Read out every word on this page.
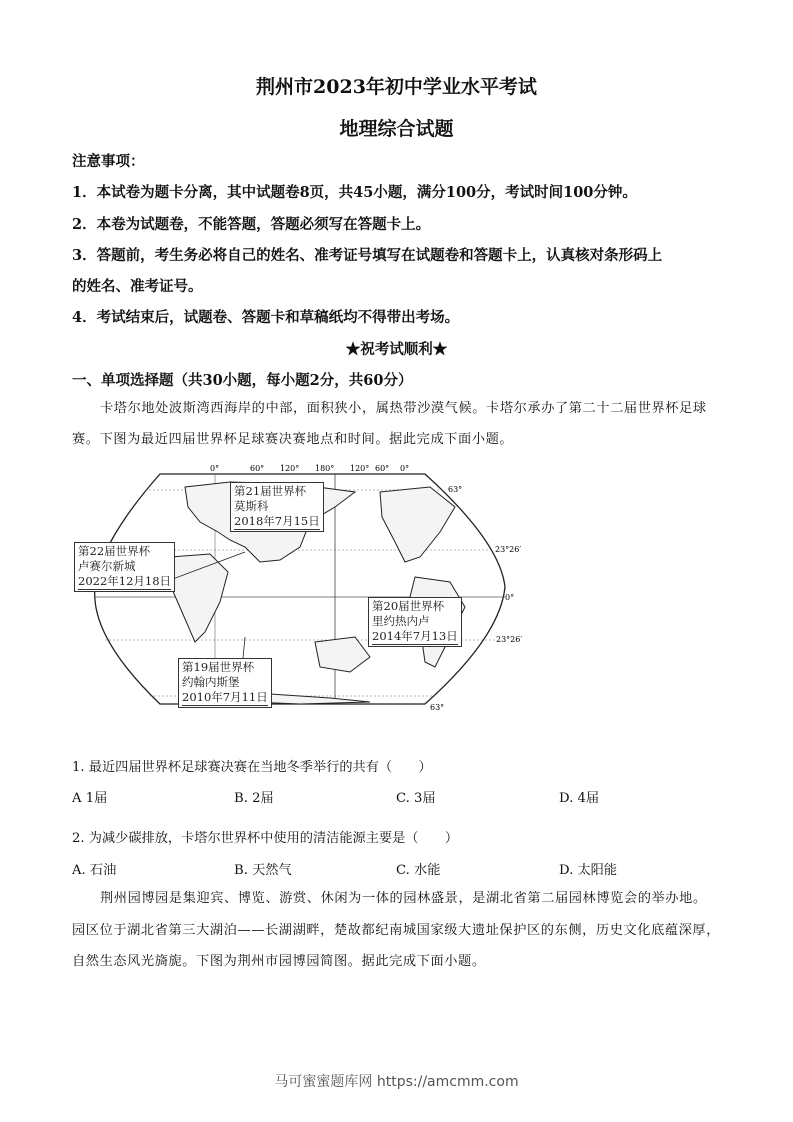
荆州市2023年初中学业水平考试
地理综合试题
注意事项：
1．本试卷为题卡分离，其中试题卷8页，共45小题，满分100分，考试时间100分钟。
2．本卷为试题卷，不能答题，答题必须写在答题卡上。
3．答题前，考生务必将自己的姓名、准考证号填写在试题卷和答题卡上，认真核对条形码上
的姓名、准考证号。
4．考试结束后，试题卷、答题卡和草稿纸均不得带出考场。
★祝考试顺利★
一、单项选择题（共30小题，每小题2分，共60分）
卡塔尔地处波斯湾西海岸的中部，面积狭小，属热带沙漠气候。卡塔尔承办了第二十二届世界杯足球
赛。下图为最近四届世界杯足球赛决赛地点和时间。据此完成下面小题。
0°	60° 120° 180° 120° 60° 0°
63°
23°26′
0°
23°26′
63°
第21届世界杯
莫斯科
2018年7月15日
第22届世界杯
卢赛尔新城
2022年12月18日
第20届世界杯
里约热内卢
2014年7月13日
第19届世界杯
约翰内斯堡
2010年7月11日
1. 最近四届世界杯足球赛决赛在当地冬季举行的共有（　　）
A 1届	B. 2届	C. 3届	D. 4届
2. 为减少碳排放，卡塔尔世界杯中使用的清洁能源主要是（　　）
A. 石油	B. 天然气	C. 水能	D. 太阳能
荆州园博园是集迎宾、博览、游赏、休闲为一体的园林盛景，是湖北省第二届园林博览会的举办地。
园区位于湖北省第三大湖泊——长湖湖畔，楚故都纪南城国家级大遗址保护区的东侧，历史文化底蕴深厚，
自然生态风光旖旎。下图为荆州市园博园简图。据此完成下面小题。
马可蜜蜜题库网 https://amcmm.com
